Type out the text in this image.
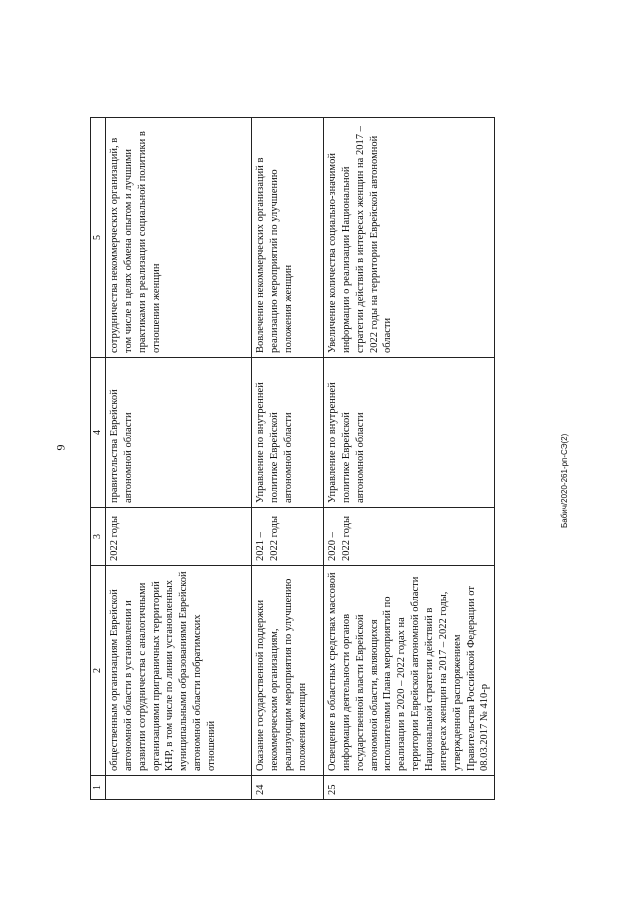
9
1	2	3	4	5
	общественным организациям Еврейской автономной области в установлении и развитии сотрудничества с аналогичными организациями приграничных территорий КНР, в том числе по линии установленных муниципальными образованиями Еврейской автономной области побратимских отношений	2022 годы	правительства Еврейской автономной области	сотрудничества некоммерческих организаций, в том числе в целях обмена опытом и лучшими практиками в реализации социальной политики в отношении женщин
24	Оказание государственной поддержки некоммерческим организациям, реализующим мероприятия по улучшению положения женщин	2021 – 2022 годы	Управление по внутренней политике Еврейской автономной области	Вовлечение некоммерческих организаций в реализацию мероприятий по улучшению положения женщин
25	Освещение в областных средствах массовой информации деятельности органов государственной власти Еврейской автономной области, являющихся исполнителями Плана мероприятий по реализации в 2020 – 2022 годах на территории Еврейской автономной области Национальной стратегии действий в интересах женщин на 2017 – 2022 годы, утвержденной распоряжением Правительства Российской Федерации от 08.03.2017 № 410-р	2020 – 2022 годы	Управление по внутренней политике Еврейской автономной области	Увеличение количества социально-значимой информации о реализации Национальной стратегии действий в интересах женщин на 2017 – 2022 годы на территории Еврейской автономной области
Бабич/2020-261-рп-СЭ(2)
